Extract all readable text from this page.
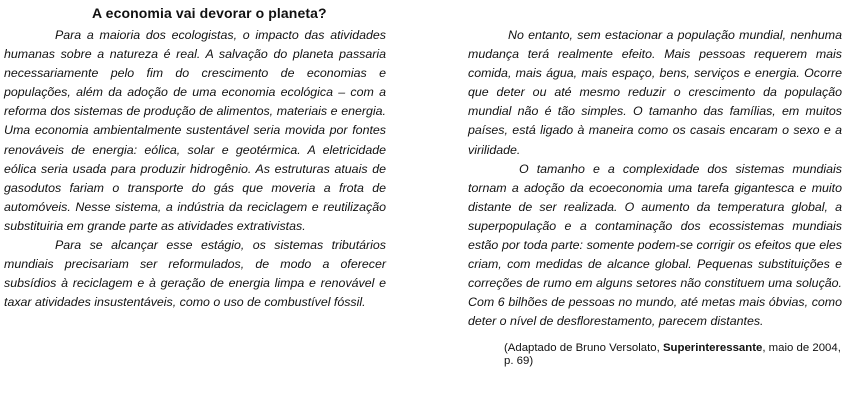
A economia vai devorar o planeta?

Para a maioria dos ecologistas, o impacto das atividades humanas sobre a natureza é real. A salvação do planeta passaria necessariamente pelo fim do crescimento de economias e populações, além da adoção de uma economia ecológica – com a reforma dos sistemas de produção de alimentos, materiais e energia. Uma economia ambientalmente sustentável seria movida por fontes renováveis de energia: eólica, solar e geotérmica. A eletricidade eólica seria usada para produzir hidrogênio. As estruturas atuais de gasodutos fariam o transporte do gás que moveria a frota de automóveis. Nesse sistema, a indústria da reciclagem e reutilização substituiria em grande parte as atividades extrativistas.

Para se alcançar esse estágio, os sistemas tributários mundiais precisariam ser reformulados, de modo a oferecer subsídios à reciclagem e à geração de energia limpa e renovável e taxar atividades insustentáveis, como o uso de combustível fóssil.

No entanto, sem estacionar a população mundial, nenhuma mudança terá realmente efeito. Mais pessoas requerem mais comida, mais água, mais espaço, bens, serviços e energia. Ocorre que deter ou até mesmo reduzir o crescimento da população mundial não é tão simples. O tamanho das famílias, em muitos países, está ligado à maneira como os casais encaram o sexo e a virilidade.

O tamanho e a complexidade dos sistemas mundiais tornam a adoção da ecoeconomia uma tarefa gigantesca e muito distante de ser realizada. O aumento da temperatura global, a superpopulação e a contaminação dos ecossistemas mundiais estão por toda parte: somente podem-se corrigir os efeitos que eles criam, com medidas de alcance global. Pequenas substituições e correções de rumo em alguns setores não constituem uma solução. Com 6 bilhões de pessoas no mundo, até metas mais óbvias, como deter o nível de desflorestamento, parecem distantes.

(Adaptado de Bruno Versolato, Superinteressante, maio de 2004, p. 69)
